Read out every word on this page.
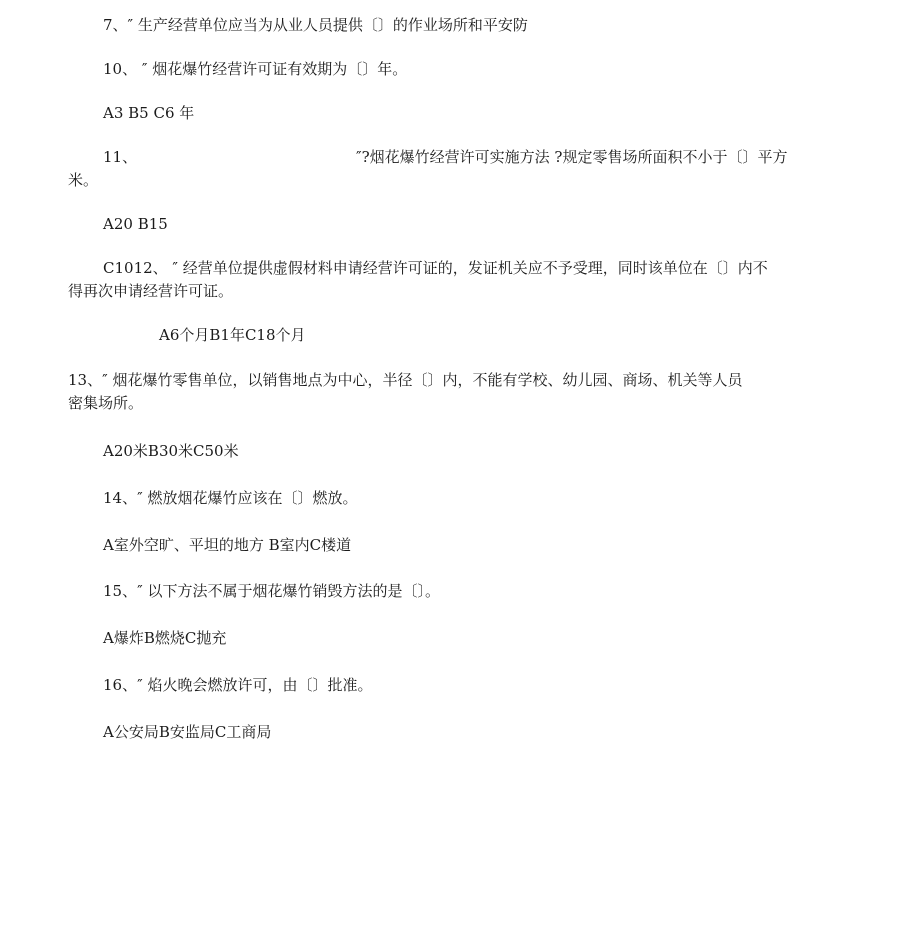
7、″ 生产经营单位应当为从业人员提供〔〕的作业场所和平安防
10、 ″ 烟花爆竹经营许可证有效期为〔〕年。
A3 B5 C6 年
11、	″?烟花爆竹经营许可实施方法 ?规定零售场所面积不小于〔〕平方
米。
A20 B15
C1012、 ″ 经营单位提供虚假材料申请经营许可证的，发证机关应不予受理，同时该单位在〔〕内不
得再次申请经营许可证。
A6个月B1年C18个月
13、″ 烟花爆竹零售单位，以销售地点为中心，半径〔〕内，不能有学校、幼儿园、商场、机关等人员
密集场所。
A20米B30米C50米
14、″ 燃放烟花爆竹应该在〔〕燃放。
A室外空旷、平坦的地方 B室内C楼道
15、″ 以下方法不属于烟花爆竹销毁方法的是〔〕。
A爆炸B燃烧C抛充
16、″ 焰火晚会燃放许可，由〔〕批准。
A公安局B安监局C工商局
